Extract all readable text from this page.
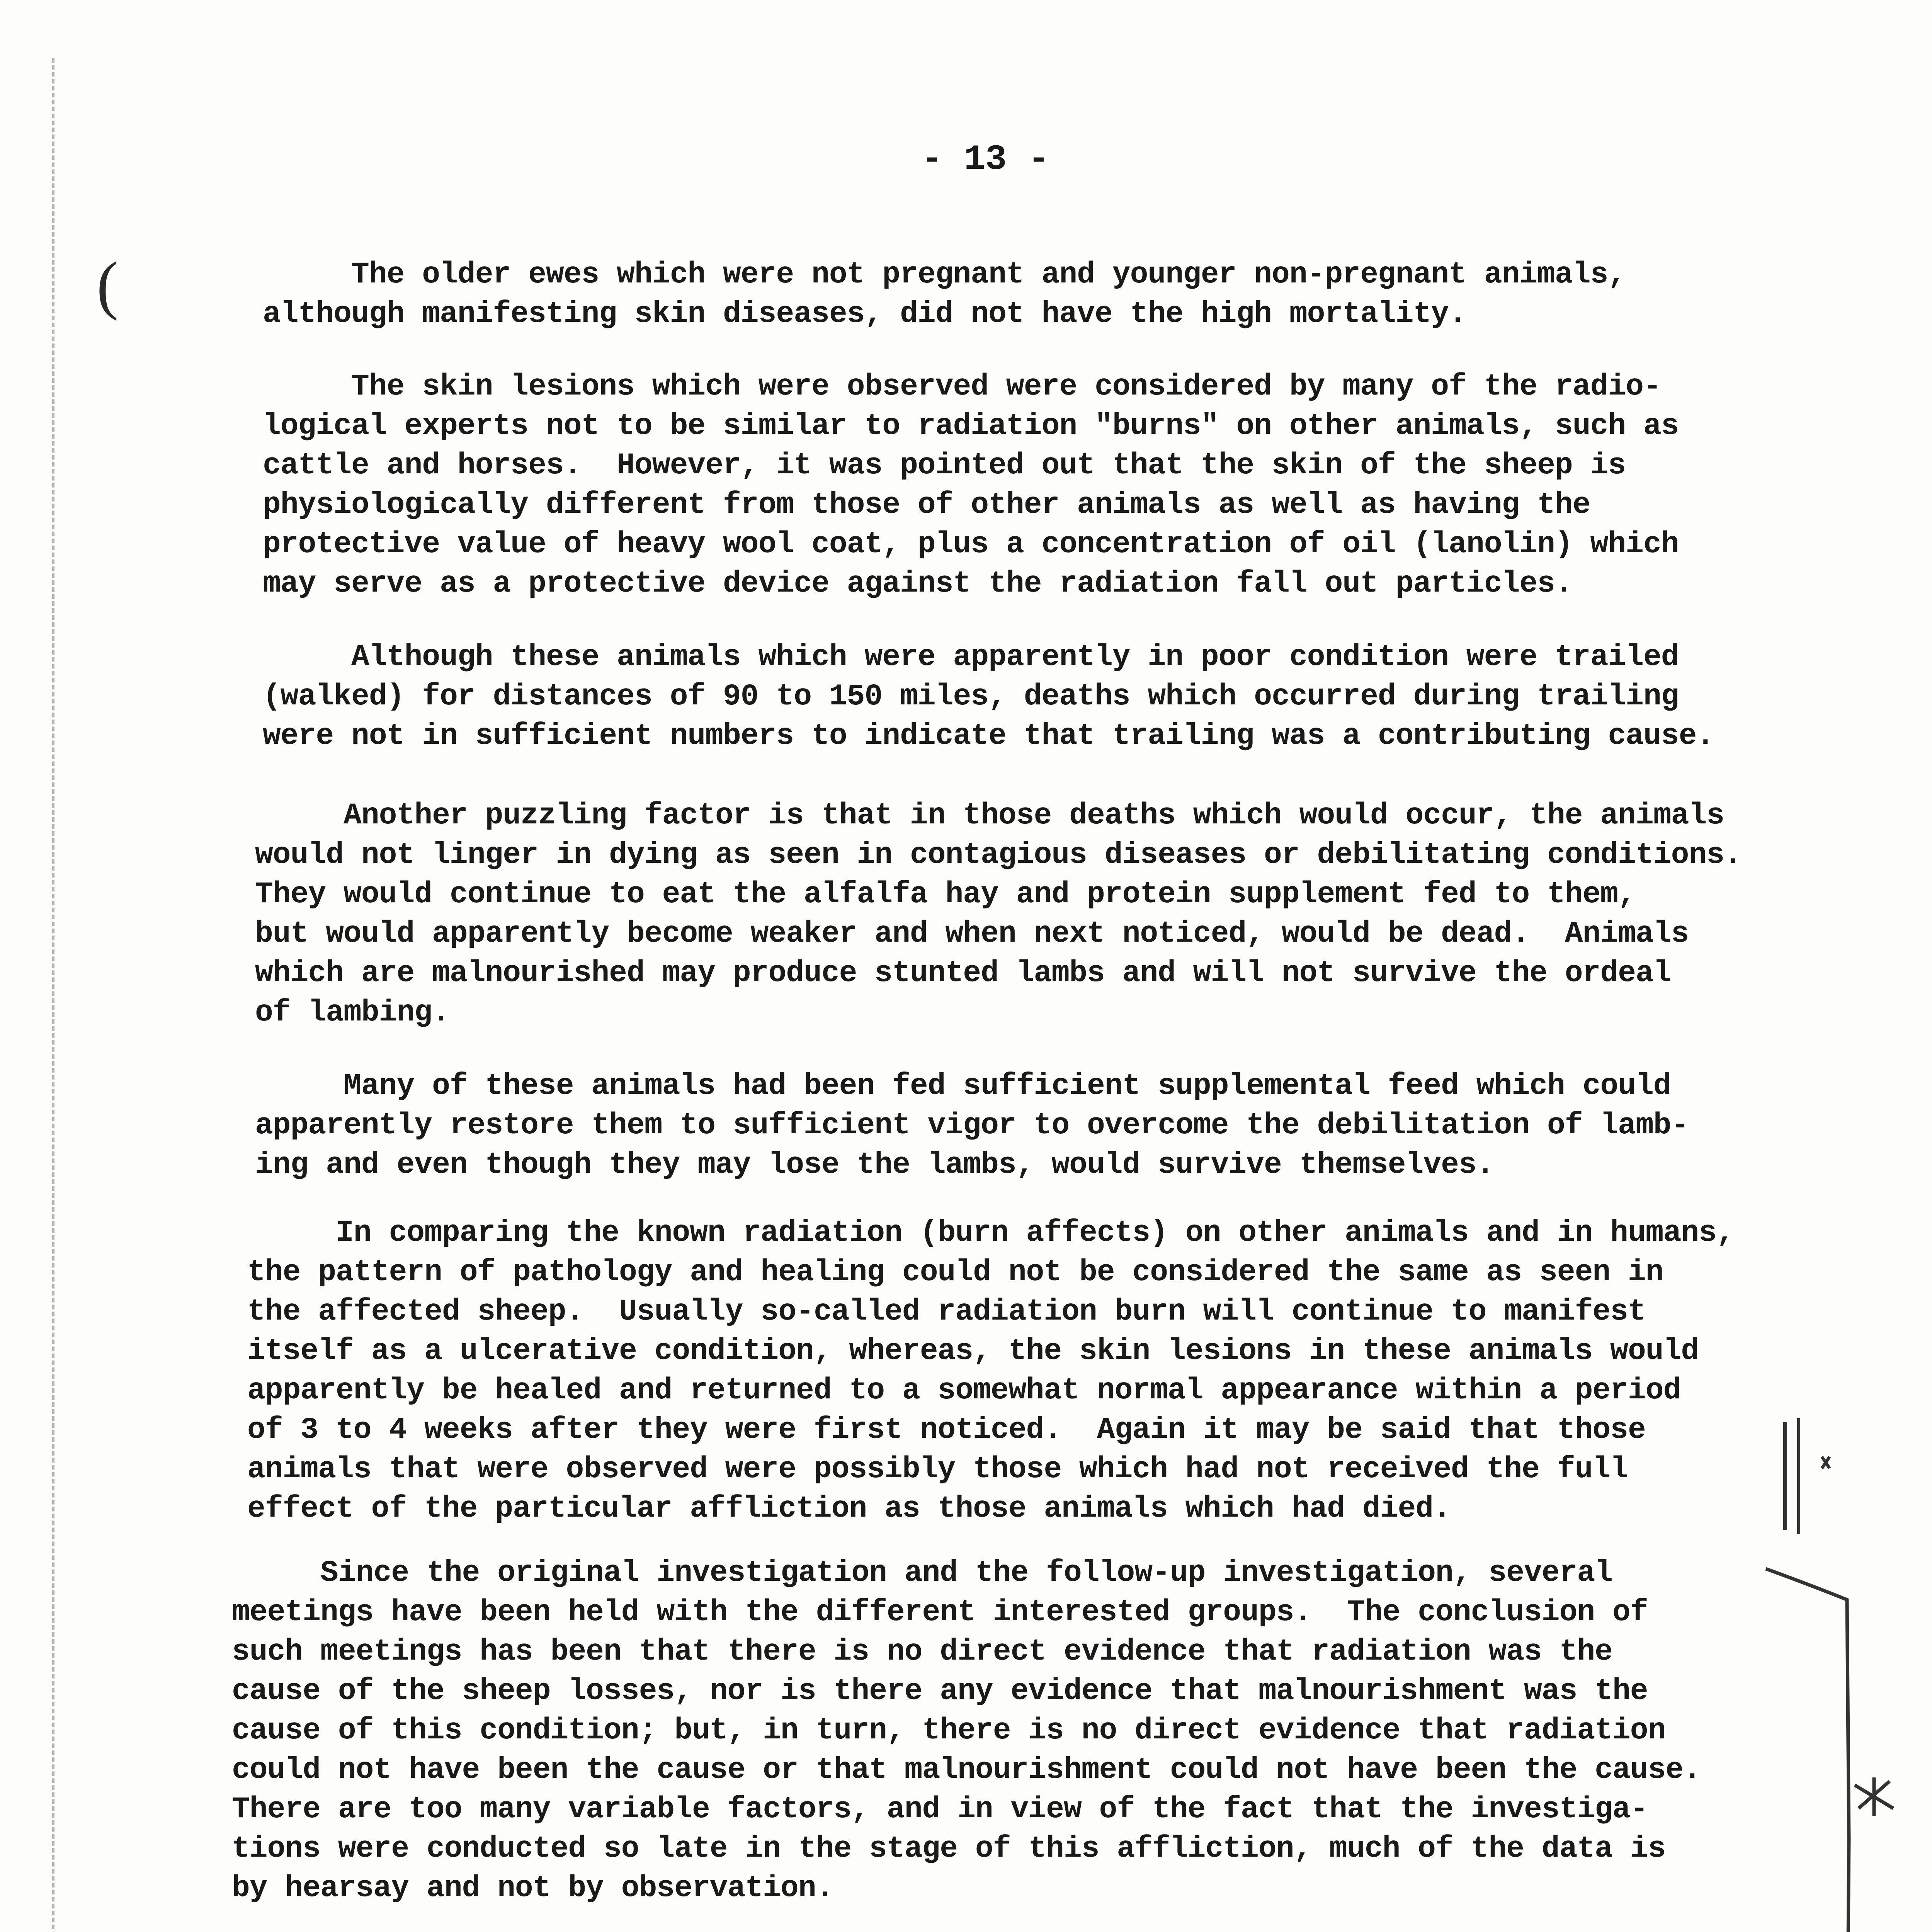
- 13 -
(	The older ewes which were not pregnant and younger non-pregnant animals,
although manifesting skin diseases, did not have the high mortality.

The skin lesions which were observed were considered by many of the radio-
logical experts not to be similar to radiation "burns" on other animals, such as
cattle and horses.  However, it was pointed out that the skin of the sheep is
physiologically different from those of other animals as well as having the
protective value of heavy wool coat, plus a concentration of oil (lanolin) which
may serve as a protective device against the radiation fall out particles.

Although these animals which were apparently in poor condition were trailed
(walked) for distances of 90 to 150 miles, deaths which occurred during trailing
were not in sufficient numbers to indicate that trailing was a contributing cause.

Another puzzling factor is that in those deaths which would occur, the animals
would not linger in dying as seen in contagious diseases or debilitating conditions.
They would continue to eat the alfalfa hay and protein supplement fed to them,
but would apparently become weaker and when next noticed, would be dead.  Animals
which are malnourished may produce stunted lambs and will not survive the ordeal
of lambing.

Many of these animals had been fed sufficient supplemental feed which could
apparently restore them to sufficient vigor to overcome the debilitation of lamb-
ing and even though they may lose the lambs, would survive themselves.

In comparing the known radiation (burn affects) on other animals and in humans,
the pattern of pathology and healing could not be considered the same as seen in
the affected sheep.  Usually so-called radiation burn will continue to manifest
itself as a ulcerative condition, whereas, the skin lesions in these animals would
apparently be healed and returned to a somewhat normal appearance within a period
of 3 to 4 weeks after they were first noticed.  Again it may be said that those
animals that were observed were possibly those which had not received the full
effect of the particular affliction as those animals which had died.

Since the original investigation and the follow-up investigation, several
meetings have been held with the different interested groups.  The conclusion of
such meetings has been that there is no direct evidence that radiation was the
cause of the sheep losses, nor is there any evidence that malnourishment was the
cause of this condition; but, in turn, there is no direct evidence that radiation
could not have been the cause or that malnourishment could not have been the cause.
There are too many variable factors, and in view of the fact that the investiga-
tions were conducted so late in the stage of this affliction, much of the data is
by hearsay and not by observation.
